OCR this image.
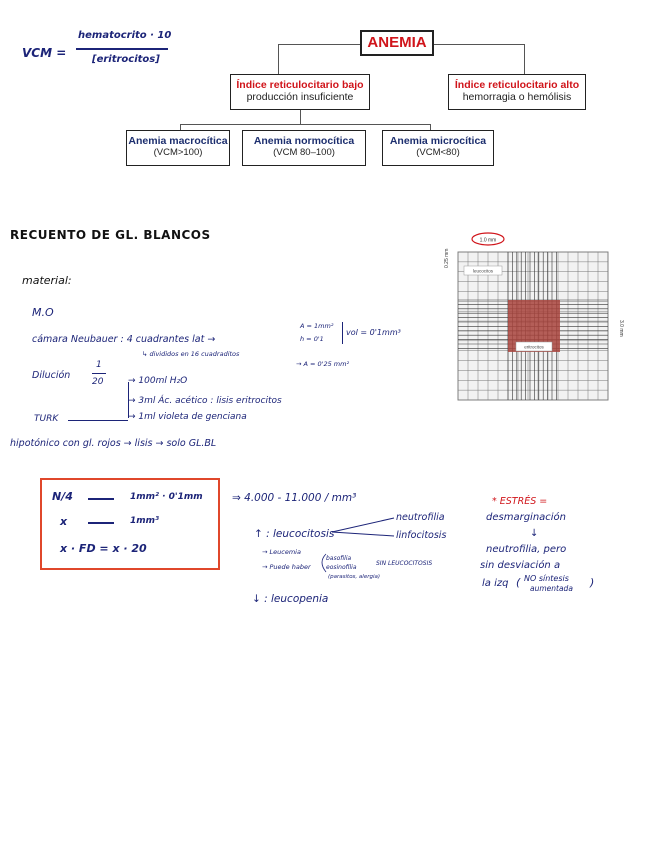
VCM =
hematocrito · 10
[eritrocitos]
ANEMIA
Índice reticulocitario bajo
producción insuficiente
Índice reticulocitario alto
hemorragia o hemólisis
Anemia macrocítica
(VCM>100)
Anemia normocítica
(VCM 80–100)
Anemia microcítica
(VCM<80)
RECUENTO DE GL. BLANCOS
material:
M.O
cámara Neubauer : 4 cuadrantes lat →
↳ divididos en 16 cuadraditos
A = 1mm²
h = 0'1
vol = 0'1mm³
→ A = 0'25 mm²
Dilución
1
20	→ 100ml H₂O
→ 3ml Ác. acético : lisis eritrocitos
→ 1ml violeta de genciana
TURK
hipotónico con gl. rojos → lisis → solo GL.BL
1.0 mm
0.25 mm
3.0 mm
leucocitos
eritrocitos
N/4	1mm² · 0'1mm
x	1mm³
x · FD = x · 20
⇒ 4.000 - 11.000 / mm³
↑ : leucocitosis
neutrofilia
linfocitosis
→ Leucemia
→ Puede haber
basofilia
eosinofilia
SIN LEUCOCITOSIS
(parasitos, alergia)
↓ : leucopenia
* ESTRÉS =
desmarginación
↓
neutrofilia, pero
sin desviación a
la izq ( NO síntesis
aumentada )
